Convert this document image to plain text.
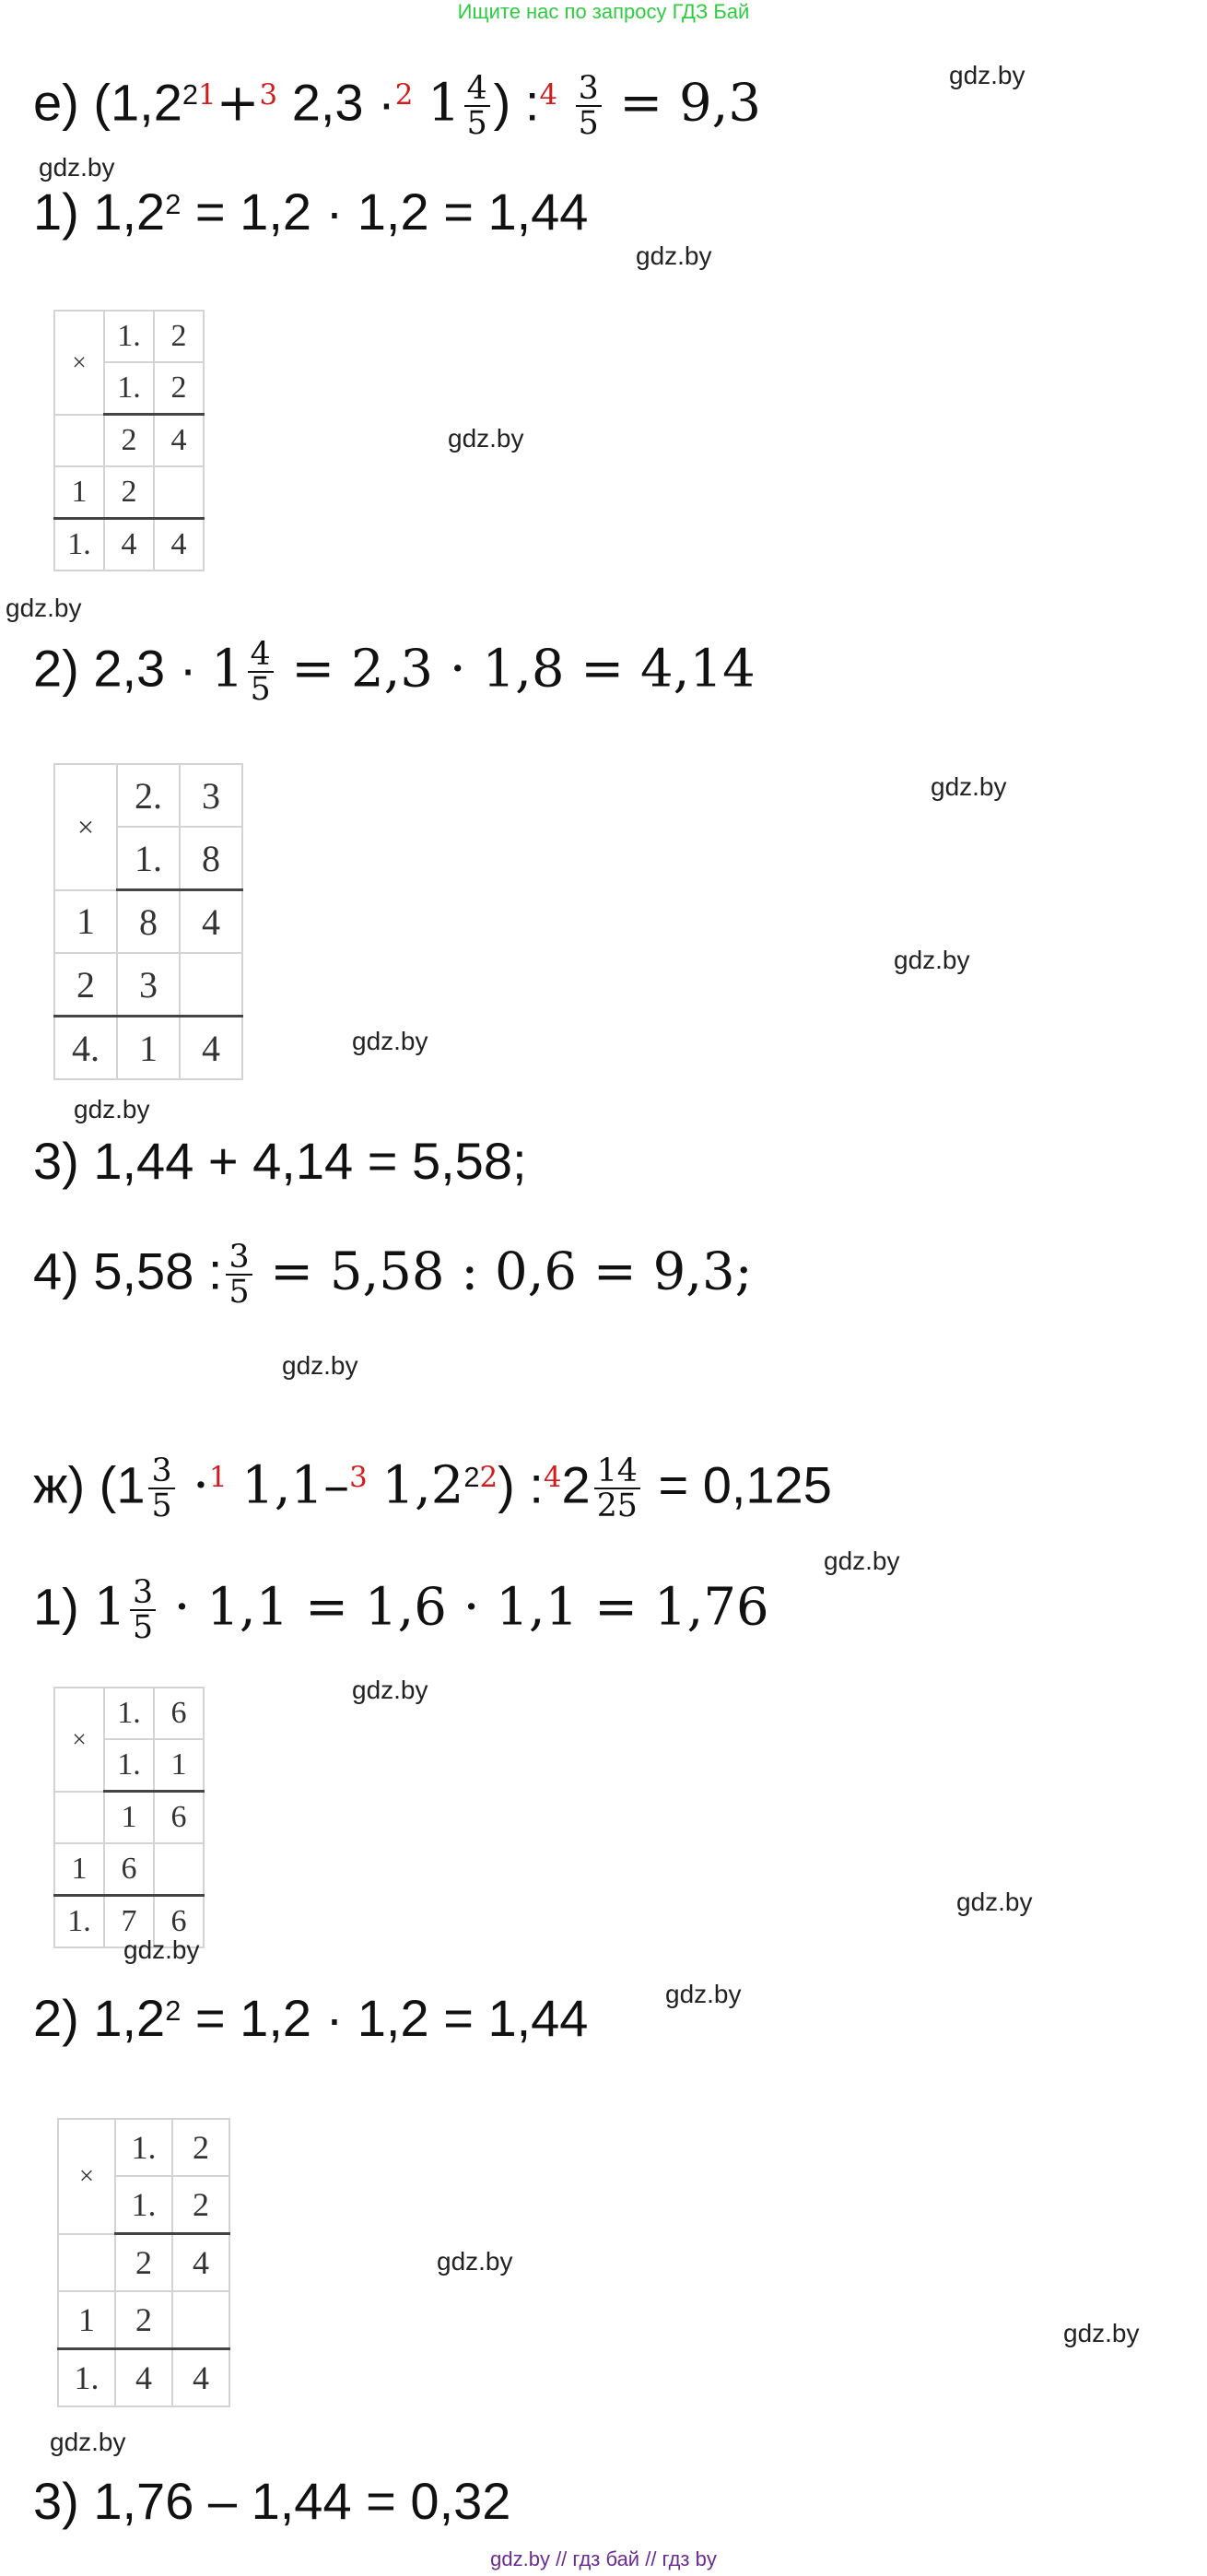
Ищите нас по запросу ГДЗ Бай
е) ($1,2^{21}+^3$ 2,3 ·$^2$ $1 \frac{4}{5}$ ) :$^4$ $\frac{3}{5} = 9,3$
1) $1,2^2 = 1,2 \cdot 1,2 = 1,44$
×	1.	2
	1.	2
	2	4
1	2	
1.	4	4
2) $2,3 \cdot 1 \frac{4}{5} = 2,3 \cdot 1,8 = 4,14$
×	2.	3
	1.	8
1	8	4
2	3	
4.	1	4
3) 1,44 + 4,14 = 5,58;
4) 5,58 : $\frac{3}{5} = 5,58$ : 0,6 = 9,3;
ж) ($1 \frac{3}{5} \cdot^1$ 1,1–$^3$ $1,2^{22}$) :$^4$2 $\frac{14}{25} = 0,125$
1) $1 \frac{3}{5} \cdot 1,1 = 1,6 \cdot 1,1 = 1,76$
×	1.	6
	1.	1
	1	6
1	6	
1.	7	6
2) $1,2^2 = 1,2 \cdot 1,2 = 1,44$
×	1.	2
	1.	2
	2	4
1	2	
1.	4	4
3) 1,76 – 1,44 = 0,32
gdz.by
gdz.by
gdz.by
gdz.by
gdz.by
gdz.by
gdz.by
gdz.by
gdz.by
gdz.by
gdz.by
gdz.by
gdz.by
gdz.by
gdz.by
gdz.by
gdz.by
gdz.by
gdz.by // гдз бай // гдз by
